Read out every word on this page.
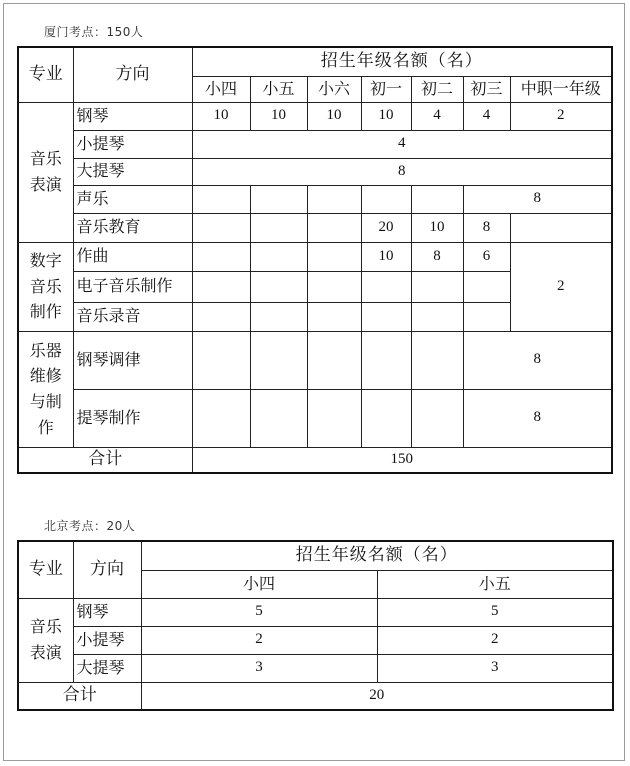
厦门考点：150人
专业	方向	招生年级名额（名）						
		小四	小五	小六	初一	初二	初三	中职一年级
音乐表演	钢琴	10	10	10	10	4	4	2
	小提琴	4						
	大提琴	8						
	声乐						8	
	音乐教育				20	10	8	
数字音乐制作	作曲				10	8	6	2
	电子音乐制作							
	音乐录音							
乐器维修与制作	钢琴调律						8	
	提琴制作						8	
合计		150						
北京考点：20人
专业	方向	招生年级名额（名）	
		小四	小五
音乐表演	钢琴	5	5
	小提琴	2	2
	大提琴	3	3
合计		20	
